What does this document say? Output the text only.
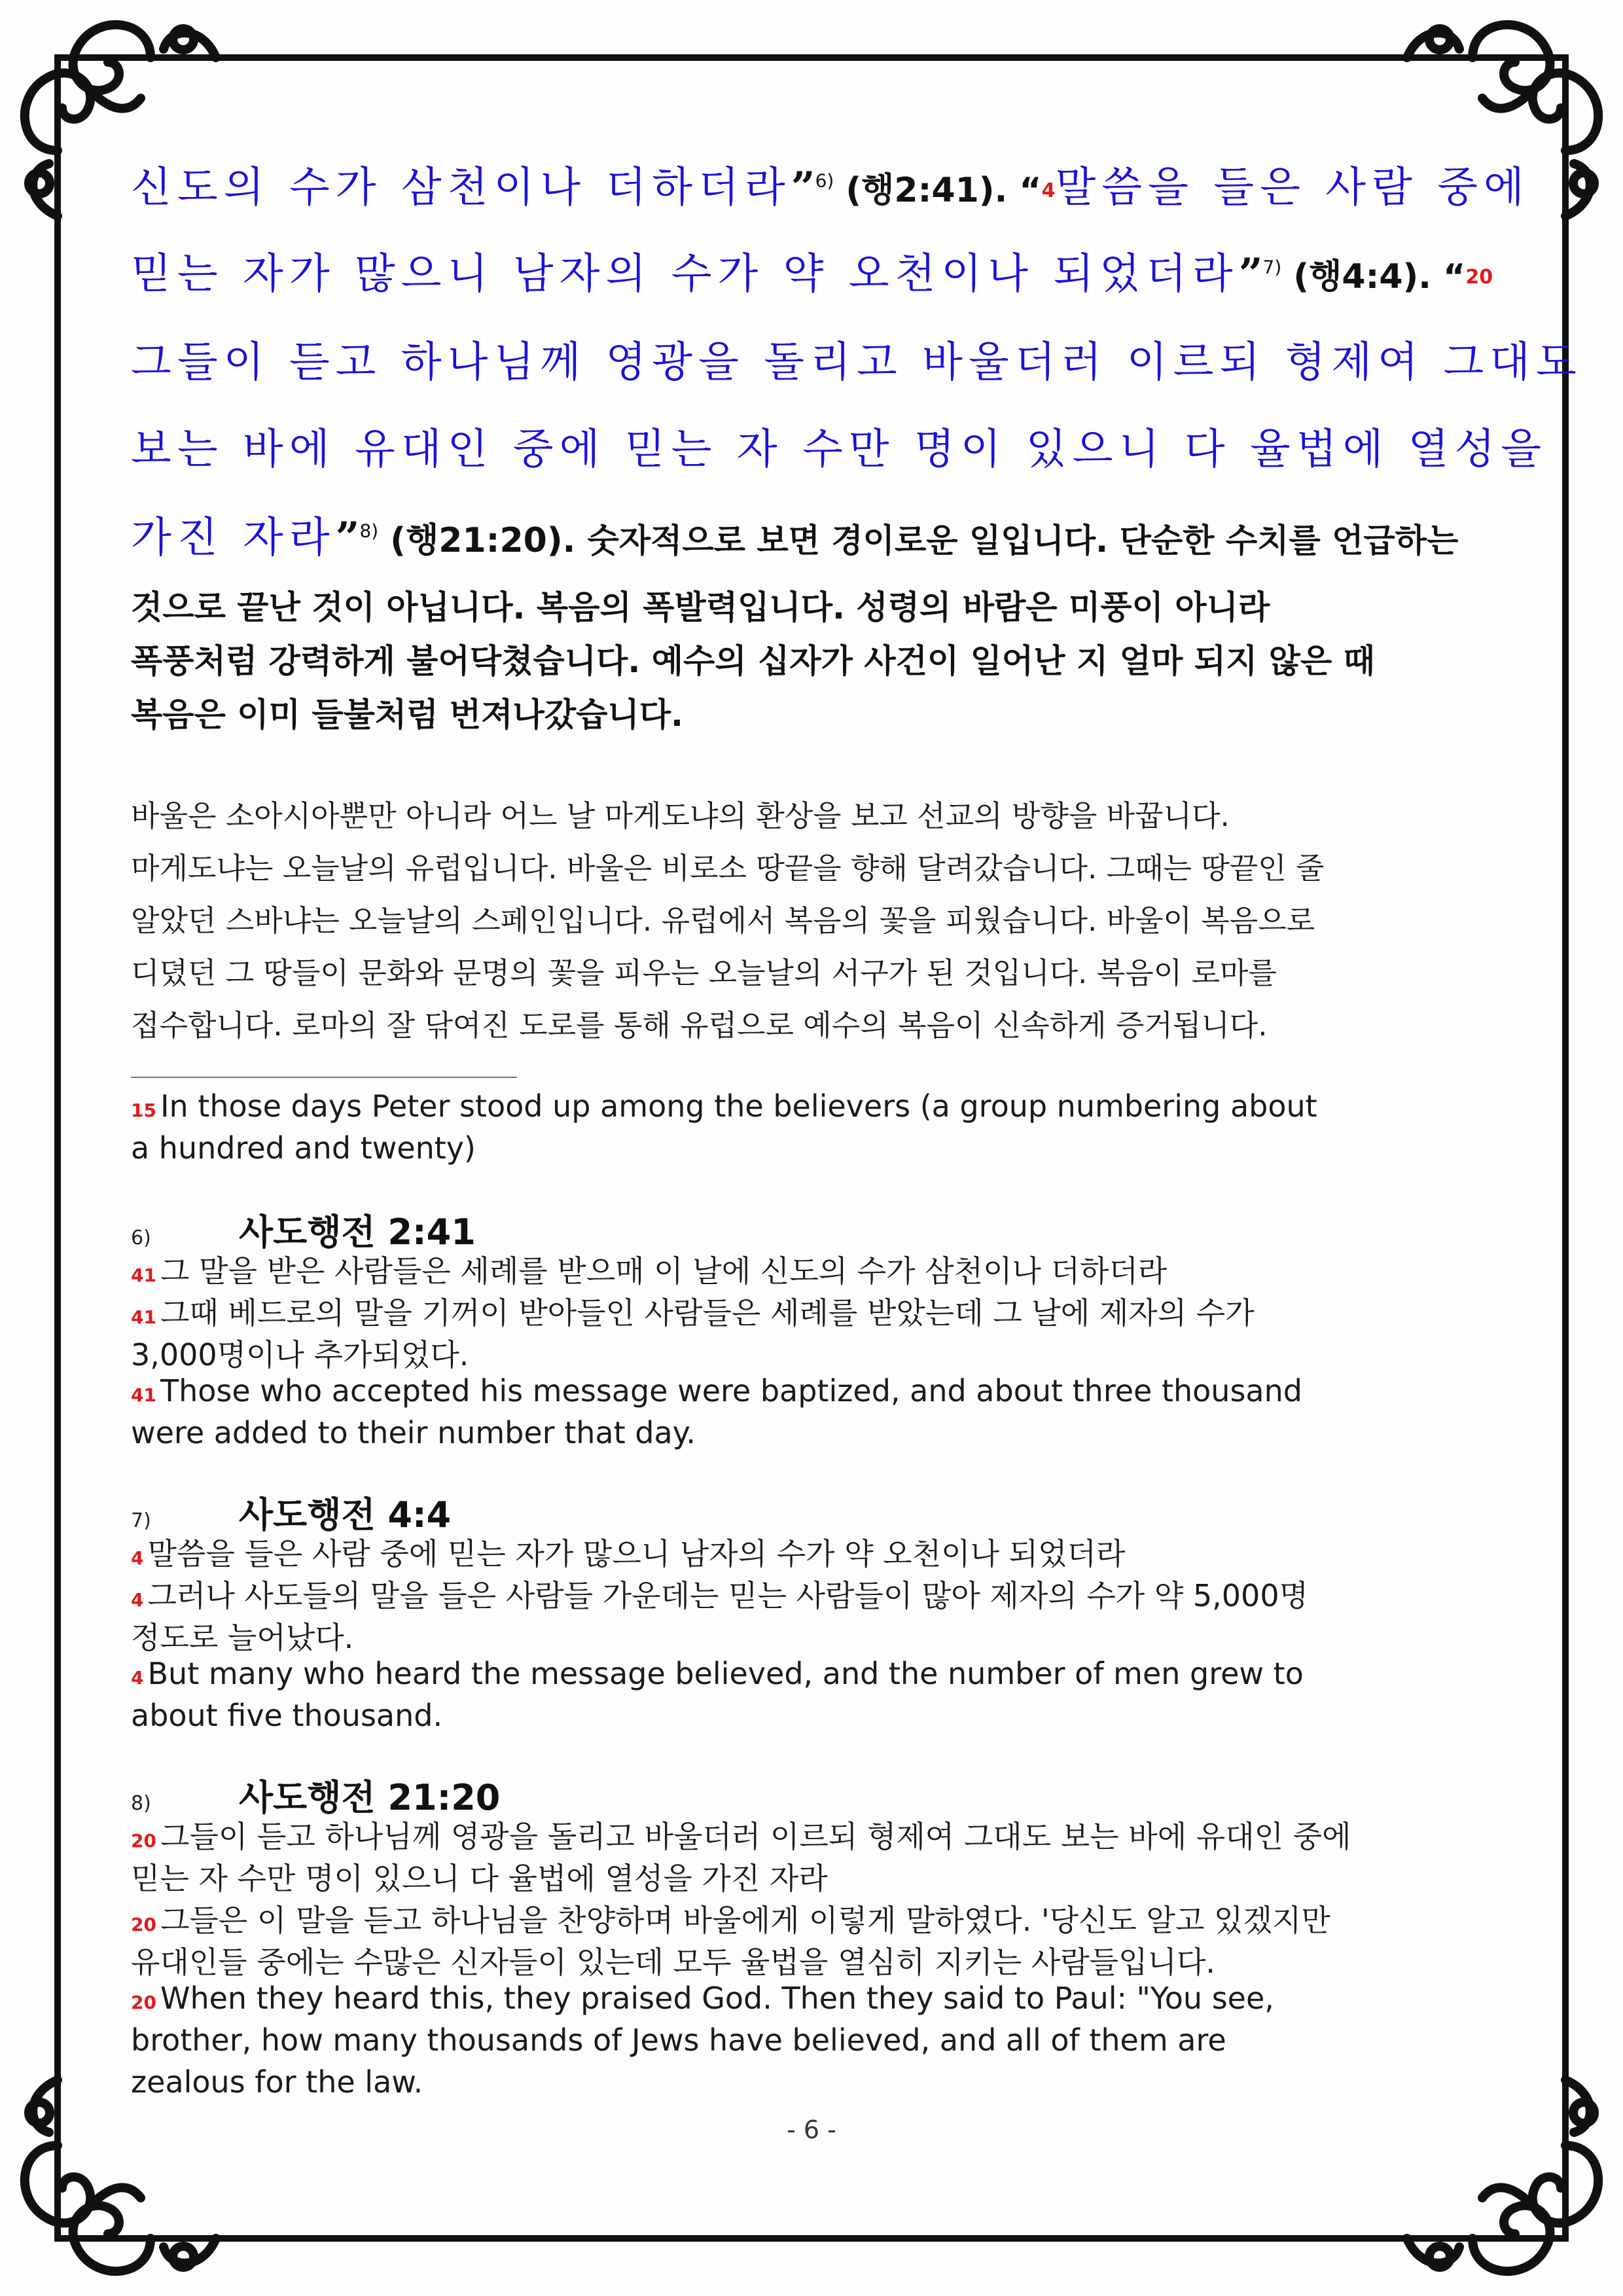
신도의 수가 삼천이나 더하더라”$^{6)}$ (행2:41). “4말씀을 들은 사람 중에
믿는 자가 많으니 남자의 수가 약 오천이나 되었더라”$^{7)}$ (행4:4). “20
그들이 듣고 하나님께 영광을 돌리고 바울더러 이르되 형제여 그대도
보는 바에 유대인 중에 믿는 자 수만 명이 있으니 다 율법에 열성을
가진 자라”$^{8)}$ (행21:20). 숫자적으로 보면 경이로운 일입니다. 단순한 수치를 언급하는
것으로 끝난 것이 아닙니다. 복음의 폭발력입니다. 성령의 바람은 미풍이 아니라
폭풍처럼 강력하게 불어닥쳤습니다. 예수의 십자가 사건이 일어난 지 얼마 되지 않은 때
복음은 이미 들불처럼 번져나갔습니다.
바울은 소아시아뿐만 아니라 어느 날 마게도냐의 환상을 보고 선교의 방향을 바꿉니다.
마게도냐는 오늘날의 유럽입니다. 바울은 비로소 땅끝을 향해 달려갔습니다. 그때는 땅끝인 줄
알았던 스바냐는 오늘날의 스페인입니다. 유럽에서 복음의 꽃을 피웠습니다. 바울이 복음으로
디뎠던 그 땅들이 문화와 문명의 꽃을 피우는 오늘날의 서구가 된 것입니다. 복음이 로마를
접수합니다. 로마의 잘 닦여진 도로를 통해 유럽으로 예수의 복음이 신속하게 증거됩니다.
15 In those days Peter stood up among the believers (a group numbering about
a hundred and twenty)
6) 사도행전 2:41
41 그 말을 받은 사람들은 세례를 받으매 이 날에 신도의 수가 삼천이나 더하더라
41 그때 베드로의 말을 기꺼이 받아들인 사람들은 세례를 받았는데 그 날에 제자의 수가
3,000명이나 추가되었다.
41 Those who accepted his message were baptized, and about three thousand
were added to their number that day.
7) 사도행전 4:4
4 말씀을 들은 사람 중에 믿는 자가 많으니 남자의 수가 약 오천이나 되었더라
4 그러나 사도들의 말을 들은 사람들 가운데는 믿는 사람들이 많아 제자의 수가 약 5,000명
정도로 늘어났다.
4 But many who heard the message believed, and the number of men grew to
about five thousand.
8) 사도행전 21:20
20 그들이 듣고 하나님께 영광을 돌리고 바울더러 이르되 형제여 그대도 보는 바에 유대인 중에
믿는 자 수만 명이 있으니 다 율법에 열성을 가진 자라
20 그들은 이 말을 듣고 하나님을 찬양하며 바울에게 이렇게 말하였다. '당신도 알고 있겠지만
유대인들 중에는 수많은 신자들이 있는데 모두 율법을 열심히 지키는 사람들입니다.
20 When they heard this, they praised God. Then they said to Paul: "You see,
brother, how many thousands of Jews have believed, and all of them are
zealous for the law.
- 6 -
